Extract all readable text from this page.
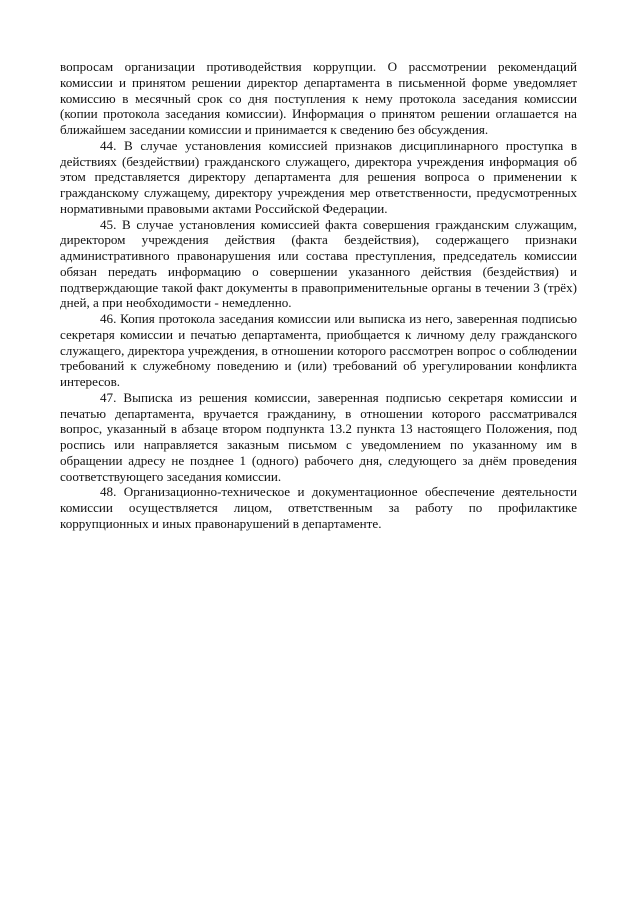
вопросам организации противодействия коррупции. О рассмотрении рекомендаций комиссии и принятом решении директор департамента в письменной форме уведомляет комиссию в месячный срок со дня поступления к нему протокола заседания комиссии (копии протокола заседания комиссии). Информация о принятом решении оглашается на ближайшем заседании комиссии и принимается к сведению без обсуждения.

44. В случае установления комиссией признаков дисциплинарного проступка в действиях (бездействии) гражданского служащего, директора учреждения информация об этом представляется директору департамента для решения вопроса о применении к гражданскому служащему, директору учреждения мер ответственности, предусмотренных нормативными правовыми актами Российской Федерации.

45. В случае установления комиссией факта совершения гражданским служащим, директором учреждения действия (факта бездействия), содержащего признаки административного правонарушения или состава преступления, председатель комиссии обязан передать информацию о совершении указанного действия (бездействия) и подтверждающие такой факт документы в правоприменительные органы в течении 3 (трёх) дней, а при необходимости - немедленно.

46. Копия протокола заседания комиссии или выписка из него, заверенная подписью секретаря комиссии и печатью департамента, приобщается к личному делу гражданского служащего, директора учреждения, в отношении которого рассмотрен вопрос о соблюдении требований к служебному поведению и (или) требований об урегулировании конфликта интересов.

47. Выписка из решения комиссии, заверенная подписью секретаря комиссии и печатью департамента, вручается гражданину, в отношении которого рассматривался вопрос, указанный в абзаце втором подпункта 13.2 пункта 13 настоящего Положения, под роспись или направляется заказным письмом с уведомлением по указанному им в обращении адресу не позднее 1 (одного) рабочего дня, следующего за днём проведения соответствующего заседания комиссии.

48. Организационно-техническое и документационное обеспечение деятельности комиссии осуществляется лицом, ответственным за работу по профилактике коррупционных и иных правонарушений в департаменте.
